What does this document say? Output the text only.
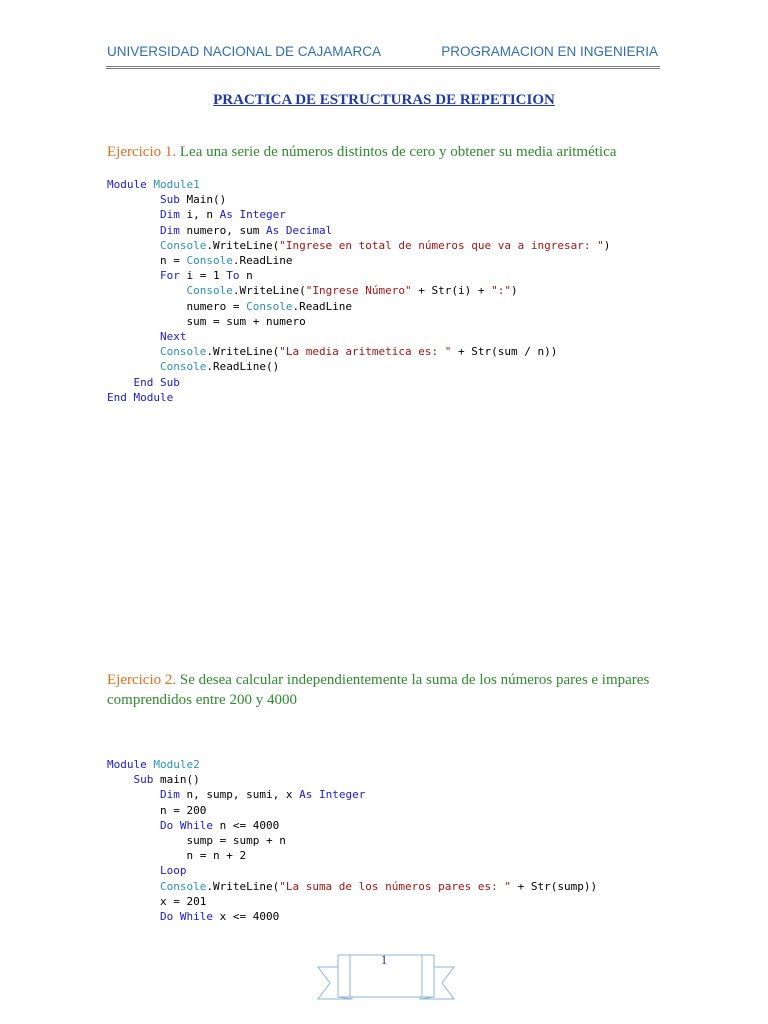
UNIVERSIDAD NACIONAL DE CAJAMARCA	PROGRAMACION EN INGENIERIA
PRACTICA DE ESTRUCTURAS DE REPETICION
Ejercicio 1. Lea una serie de números distintos de cero y obtener su media aritmética
Module Module1
Sub Main()
Dim i, n As Integer
Dim numero, sum As Decimal
Console.WriteLine("Ingrese en total de números que va a ingresar: ")
n = Console.ReadLine
For i = 1 To n
Console.WriteLine("Ingrese Número" + Str(i) + ":")
numero = Console.ReadLine
sum = sum + numero
Next
Console.WriteLine("La media aritmetica es: " + Str(sum / n))
Console.ReadLine()
End Sub
End Module
Ejercicio 2. Se desea calcular independientemente la suma de los números pares e impares comprendidos entre 200 y 4000
Module Module2
Sub main()
Dim n, sump, sumi, x As Integer
n = 200
Do While n <= 4000
sump = sump + n
n = n + 2
Loop
Console.WriteLine("La suma de los números pares es: " + Str(sump))
x = 201
Do While x <= 4000
1
